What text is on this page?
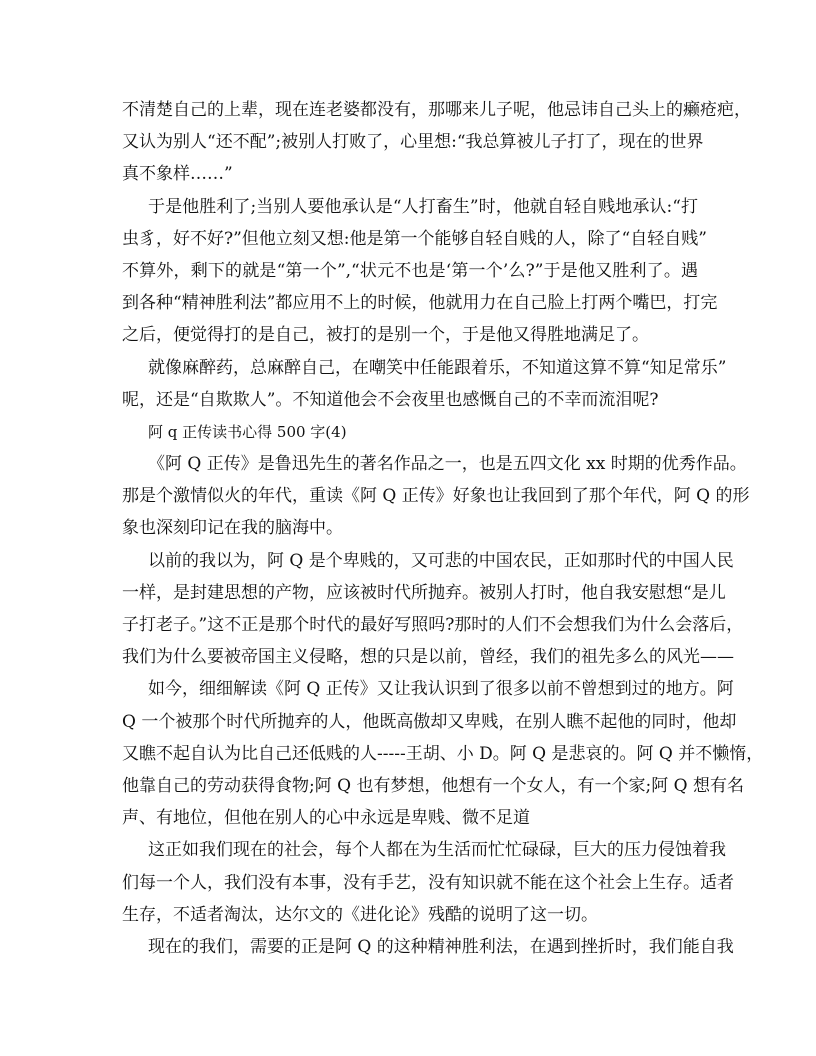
不清楚自己的上辈，现在连老婆都没有，那哪来儿子呢，他忌讳自己头上的癞疮疤，
又认为别人“还不配”;被别人打败了，心里想:“我总算被儿子打了，现在的世界
真不象样……”
于是他胜利了;当别人要他承认是“人打畜生”时，他就自轻自贱地承认:“打
虫豸，好不好?”但他立刻又想:他是第一个能够自轻自贱的人，除了“自轻自贱”
不算外，剩下的就是“第一个”,“状元不也是‘第一个’么?”于是他又胜利了。遇
到各种“精神胜利法”都应用不上的时候，他就用力在自己脸上打两个嘴巴，打完
之后，便觉得打的是自己，被打的是别一个，于是他又得胜地满足了。
就像麻醉药，总麻醉自己，在嘲笑中任能跟着乐，不知道这算不算“知足常乐”
呢，还是“自欺欺人”。不知道他会不会夜里也感慨自己的不幸而流泪呢?
阿 q 正传读书心得 500 字(4)
《阿 Q 正传》是鲁迅先生的著名作品之一，也是五四文化 xx 时期的优秀作品。
那是个激情似火的年代，重读《阿 Q 正传》好象也让我回到了那个年代，阿 Q 的形
象也深刻印记在我的脑海中。
以前的我以为，阿 Q 是个卑贱的，又可悲的中国农民，正如那时代的中国人民
一样，是封建思想的产物，应该被时代所抛弃。被别人打时，他自我安慰想“是儿
子打老子。”这不正是那个时代的最好写照吗?那时的人们不会想我们为什么会落后，
我们为什么要被帝国主义侵略，想的只是以前，曾经，我们的祖先多么的风光——
如今，细细解读《阿 Q 正传》又让我认识到了很多以前不曾想到过的地方。阿
Q 一个被那个时代所抛弃的人，他既高傲却又卑贱，在别人瞧不起他的同时，他却
又瞧不起自认为比自己还低贱的人-----王胡、小 D。阿 Q 是悲哀的。阿 Q 并不懒惰，
他靠自己的劳动获得食物;阿 Q 也有梦想，他想有一个女人，有一个家;阿 Q 想有名
声、有地位，但他在别人的心中永远是卑贱、微不足道
这正如我们现在的社会，每个人都在为生活而忙忙碌碌，巨大的压力侵蚀着我
们每一个人，我们没有本事，没有手艺，没有知识就不能在这个社会上生存。适者
生存，不适者淘汰，达尔文的《进化论》残酷的说明了这一切。
现在的我们，需要的正是阿 Q 的这种精神胜利法，在遇到挫折时，我们能自我
